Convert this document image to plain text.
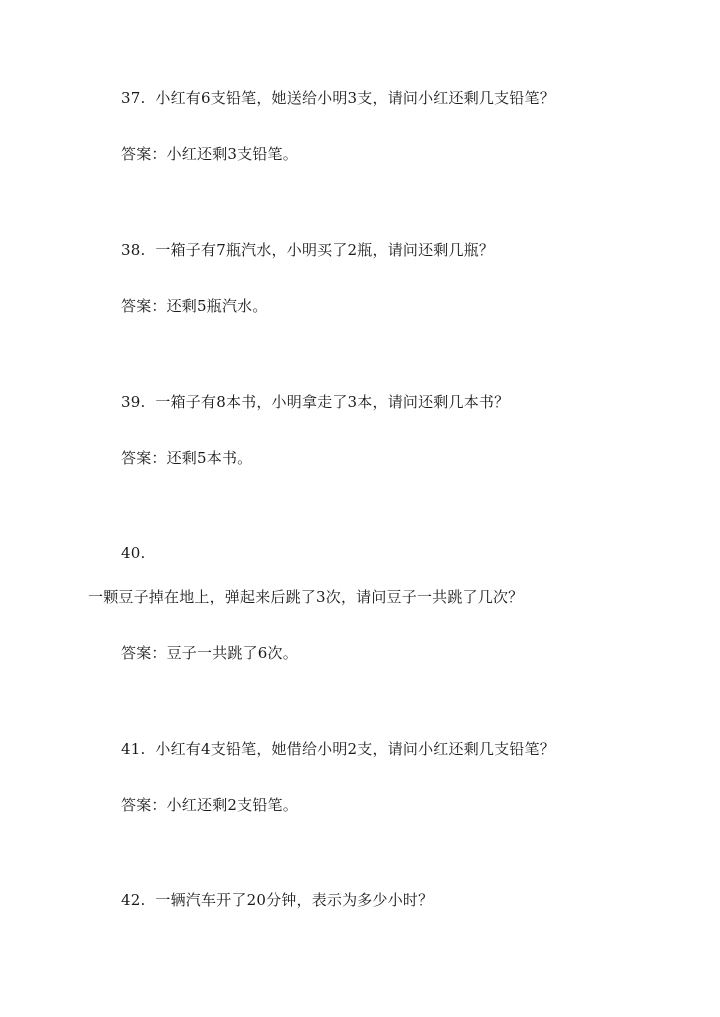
37. 小红有6支铅笔，她送给小明3支，请问小红还剩几支铅笔？
答案：小红还剩3支铅笔。
38. 一箱子有7瓶汽水，小明买了2瓶，请问还剩几瓶？
答案：还剩5瓶汽水。
39. 一箱子有8本书，小明拿走了3本，请问还剩几本书？
答案：还剩5本书。
40.
一颗豆子掉在地上，弹起来后跳了3次，请问豆子一共跳了几次？
答案：豆子一共跳了6次。
41. 小红有4支铅笔，她借给小明2支，请问小红还剩几支铅笔？
答案：小红还剩2支铅笔。
42. 一辆汽车开了20分钟，表示为多少小时？
